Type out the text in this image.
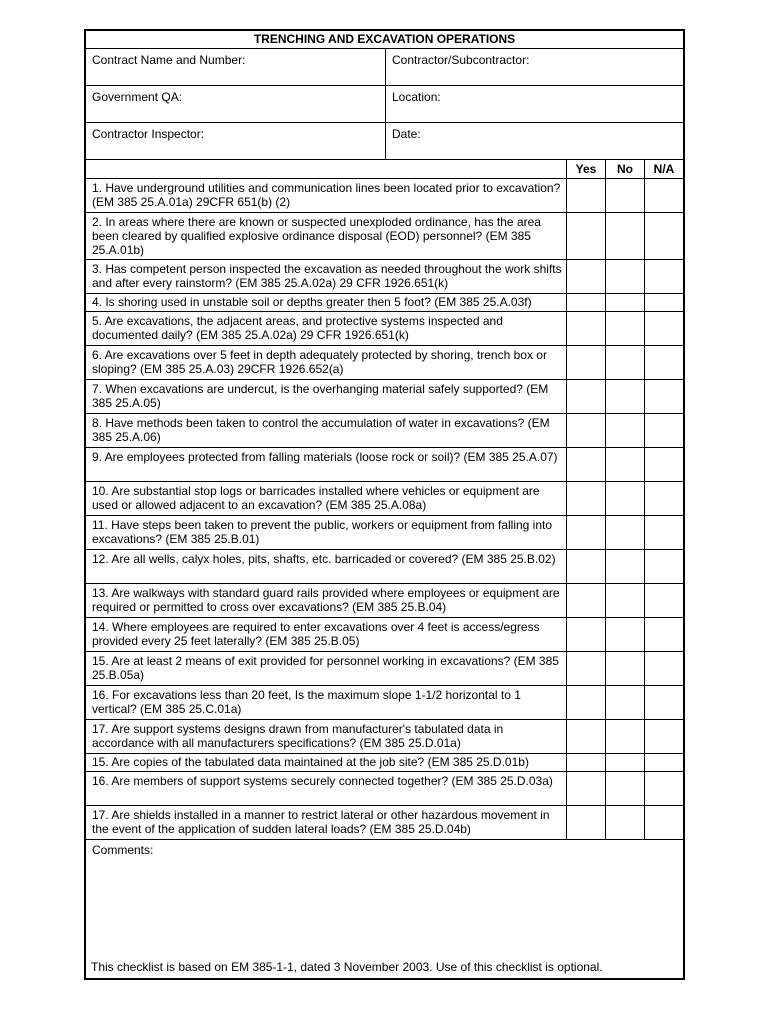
TRENCHING AND EXCAVATION OPERATIONS
Contract Name and Number:	Contractor/Subcontractor:
Government QA:	Location:
Contractor Inspector:	Date:
Yes	No	N/A
1. Have underground utilities and communication lines been located prior to excavation? (EM 385 25.A.01a) 29CFR 651(b) (2)
2. In areas where there are known or suspected unexploded ordinance, has the area been cleared by qualified explosive ordinance disposal (EOD) personnel? (EM 385 25.A.01b)
3. Has competent person inspected the excavation as needed throughout the work shifts and after every rainstorm? (EM 385 25.A.02a) 29 CFR 1926.651(k)
4. Is shoring used in unstable soil or depths greater then 5 foot? (EM 385 25.A.03f)
5. Are excavations, the adjacent areas, and protective systems inspected and documented daily? (EM 385 25.A.02a) 29 CFR 1926.651(k)
6. Are excavations over 5 feet in depth adequately protected by shoring, trench box or sloping? (EM 385 25.A.03) 29CFR 1926.652(a)
7. When excavations are undercut, is the overhanging material safely supported? (EM 385 25.A.05)
8. Have methods been taken to control the accumulation of water in excavations? (EM 385 25.A.06)
9. Are employees protected from falling materials (loose rock or soil)? (EM 385 25.A.07)
10. Are substantial stop logs or barricades installed where vehicles or equipment are used or allowed adjacent to an excavation? (EM 385 25.A.08a)
11. Have steps been taken to prevent the public, workers or equipment from falling into excavations? (EM 385 25.B.01)
12. Are all wells, calyx holes, pits, shafts, etc. barricaded or covered? (EM 385 25.B.02)
13. Are walkways with standard guard rails provided where employees or equipment are required or permitted to cross over excavations? (EM 385 25.B.04)
14. Where employees are required to enter excavations over 4 feet is access/egress provided every 25 feet laterally? (EM 385 25.B.05)
15. Are at least 2 means of exit provided for personnel working in excavations? (EM 385 25.B.05a)
16. For excavations less than 20 feet, Is the maximum slope 1-1/2 horizontal to 1 vertical? (EM 385 25.C.01a)
17. Are support systems designs drawn from manufacturer's tabulated data in accordance with all manufacturers specifications? (EM 385 25.D.01a)
15. Are copies of the tabulated data maintained at the job site? (EM 385 25.D.01b)
16. Are members of support systems securely connected together? (EM 385 25.D.03a)
17. Are shields installed in a manner to restrict lateral or other hazardous movement in the event of the application of sudden lateral loads? (EM 385 25.D.04b)
Comments:
This checklist is based on EM 385-1-1, dated 3 November 2003. Use of this checklist is optional.
